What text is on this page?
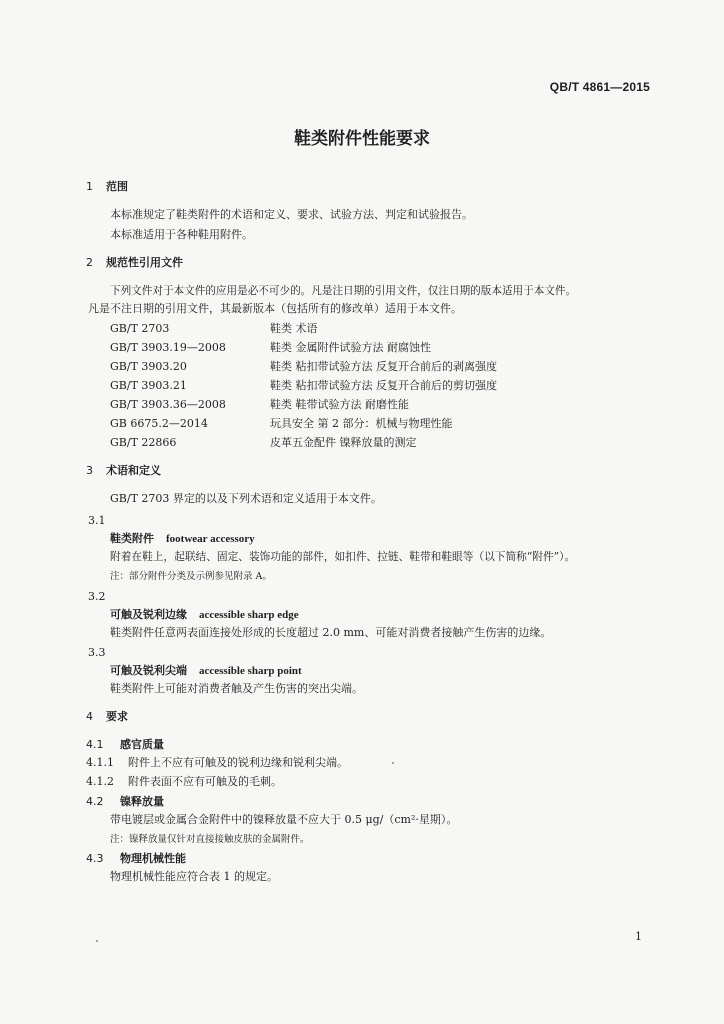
QB/T 4861—2015
鞋类附件性能要求
1 范围
本标准规定了鞋类附件的术语和定义、要求、试验方法、判定和试验报告。
本标准适用于各种鞋用附件。
2 规范性引用文件
下列文件对于本文件的应用是必不可少的。凡是注日期的引用文件，仅注日期的版本适用于本文件。
凡是不注日期的引用文件，其最新版本（包括所有的修改单）适用于本文件。
GB/T 2703	鞋类 术语
GB/T 3903.19—2008	鞋类 金属附件试验方法 耐腐蚀性
GB/T 3903.20	鞋类 粘扣带试验方法 反复开合前后的剥离强度
GB/T 3903.21	鞋类 粘扣带试验方法 反复开合前后的剪切强度
GB/T 3903.36—2008	鞋类 鞋带试验方法 耐磨性能
GB 6675.2—2014	玩具安全 第 2 部分：机械与物理性能
GB/T 22866	皮革五金配件 镍释放量的测定
3 术语和定义
GB/T 2703 界定的以及下列术语和定义适用于本文件。
3.1
鞋类附件 footwear accessory
附着在鞋上，起联结、固定、装饰功能的部件，如扣件、拉链、鞋带和鞋眼等（以下简称“附件”）。
注：部分附件分类及示例参见附录 A。
3.2
可触及锐利边缘 accessible sharp edge
鞋类附件任意两表面连接处形成的长度超过 2.0 mm、可能对消费者接触产生伤害的边缘。
3.3
可触及锐利尖端 accessible sharp point
鞋类附件上可能对消费者触及产生伤害的突出尖端。
4 要求
4.1 感官质量
4.1.1 附件上不应有可触及的锐利边缘和锐利尖端。
4.1.2 附件表面不应有可触及的毛刺。
4.2 镍释放量
带电镀层或金属合金附件中的镍释放量不应大于 0.5 μg/（cm²·星期）。
注：镍释放量仅针对直接接触皮肤的金属附件。
4.3 物理机械性能
物理机械性能应符合表 1 的规定。
1
